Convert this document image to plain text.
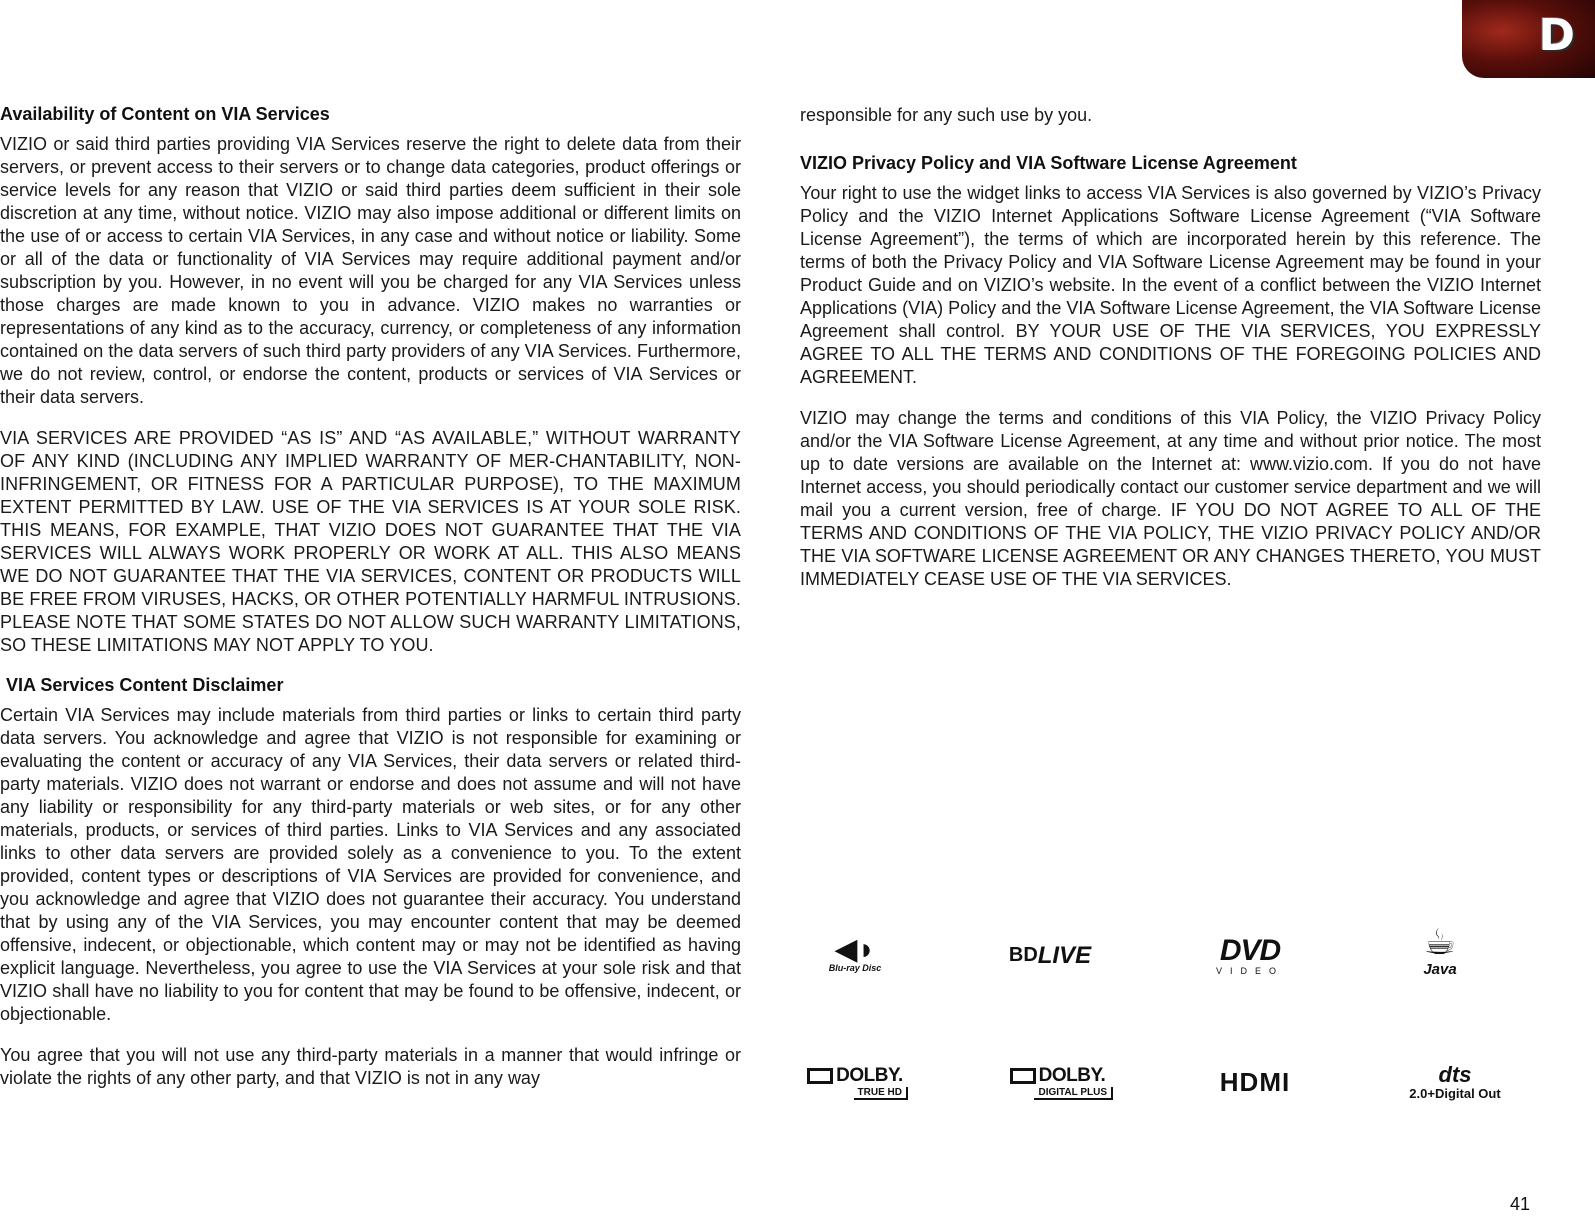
D
Availability of Content on VIA Services

VIZIO or said third parties providing VIA Services reserve the right to delete data from their servers, or prevent access to their servers or to change data categories, product offerings or service levels for any reason that VIZIO or said third parties deem sufficient in their sole discretion at any time, without notice. VIZIO may also impose additional or different limits on the use of or access to certain VIA Services, in any case and without notice or liability. Some or all of the data or functionality of VIA Services may require additional payment and/or subscription by you. However, in no event will you be charged for any VIA Services unless those charges are made known to you in advance. VIZIO makes no warranties or representations of any kind as to the accuracy, currency, or completeness of any information contained on the data servers of such third party providers of any VIA Services. Furthermore, we do not review, control, or endorse the content, products or services of VIA Services or their data servers.

VIA SERVICES ARE PROVIDED “AS IS” AND “AS AVAILABLE,” WITHOUT WARRANTY OF ANY KIND (INCLUDING ANY IMPLIED WARRANTY OF MER-CHANTABILITY, NON-INFRINGEMENT, OR FITNESS FOR A PARTICULAR PURPOSE), TO THE MAXIMUM EXTENT PERMITTED BY LAW. USE OF THE VIA SERVICES IS AT YOUR SOLE RISK. THIS MEANS, FOR EXAMPLE, THAT VIZIO DOES NOT GUARANTEE THAT THE VIA SERVICES WILL ALWAYS WORK PROPERLY OR WORK AT ALL. THIS ALSO MEANS WE DO NOT GUARANTEE THAT THE VIA SERVICES, CONTENT OR PRODUCTS WILL BE FREE FROM VIRUSES, HACKS, OR OTHER POTENTIALLY HARMFUL INTRUSIONS. PLEASE NOTE THAT SOME STATES DO NOT ALLOW SUCH WARRANTY LIMITATIONS, SO THESE LIMITATIONS MAY NOT APPLY TO YOU.

VIA Services Content Disclaimer

Certain VIA Services may include materials from third parties or links to certain third party data servers. You acknowledge and agree that VIZIO is not responsible for examining or evaluating the content or accuracy of any VIA Services, their data servers or related third-party materials. VIZIO does not warrant or endorse and does not assume and will not have any liability or responsibility for any third-party materials or web sites, or for any other materials, products, or services of third parties. Links to VIA Services and any associated links to other data servers are provided solely as a convenience to you. To the extent provided, content types or descriptions of VIA Services are provided for convenience, and you acknowledge and agree that VIZIO does not guarantee their accuracy. You understand that by using any of the VIA Services, you may encounter content that may be deemed offensive, indecent, or objectionable, which content may or may not be identified as having explicit language. Nevertheless, you agree to use the VIA Services at your sole risk and that VIZIO shall have no liability to you for content that may be found to be offensive, indecent, or objectionable.

You agree that you will not use any third-party materials in a manner that would infringe or violate the rights of any other party, and that VIZIO is not in any way

responsible for any such use by you.

VIZIO Privacy Policy and VIA Software License Agreement

Your right to use the widget links to access VIA Services is also governed by VIZIO’s Privacy Policy and the VIZIO Internet Applications Software License Agreement (“VIA Software License Agreement”), the terms of which are incorporated herein by this reference. The terms of both the Privacy Policy and VIA Software License Agreement may be found in your Product Guide and on VIZIO’s website. In the event of a conflict between the VIZIO Internet Applications (VIA) Policy and the VIA Software License Agreement, the VIA Software License Agreement shall control. BY YOUR USE OF THE VIA SERVICES, YOU EXPRESSLY AGREE TO ALL THE TERMS AND CONDITIONS OF THE FOREGOING POLICIES AND AGREEMENT.

VIZIO may change the terms and conditions of this VIA Policy, the VIZIO Privacy Policy and/or the VIA Software License Agreement, at any time and without prior notice. The most up to date versions are available on the Internet at: www.vizio.com. If you do not have Internet access, you should periodically contact our customer service department and we will mail you a current version, free of charge. IF YOU DO NOT AGREE TO ALL OF THE TERMS AND CONDITIONS OF THE VIA POLICY, THE VIZIO PRIVACY POLICY AND/OR THE VIA SOFTWARE LICENSE AGREEMENT OR ANY CHANGES THERETO, YOU MUST IMMEDIATELY CEASE USE OF THE VIA SERVICES.

◀◗
Blu-ray Disc
BD LIVE	DVD
VIDEO
☕
Java
DOLBY.
TRUE HD
DOLBY.
DIGITAL PLUS	HDMI	dts
2.0+Digital Out
41
